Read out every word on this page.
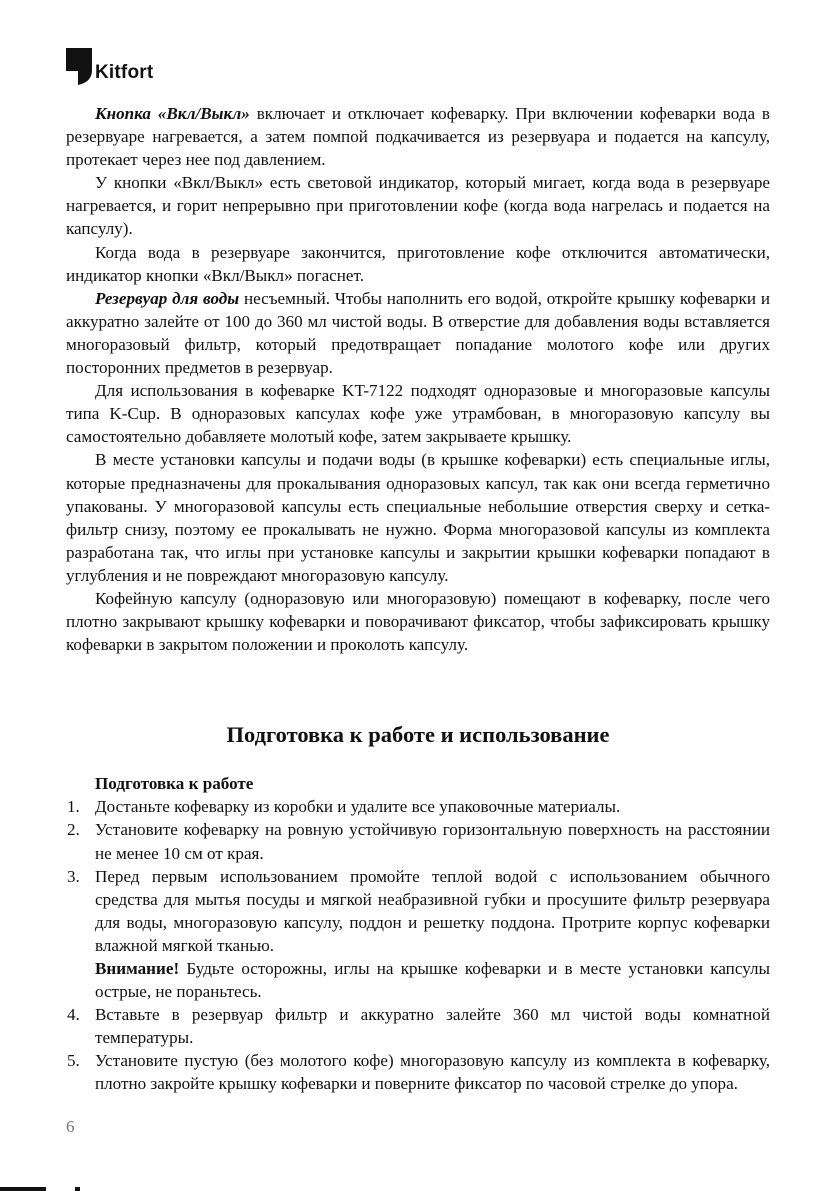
Kitfort

Кнопка «Вкл/Выкл» включает и отключает кофеварку. При включении кофеварки вода в резервуаре нагревается, а затем помпой подкачивается из резервуара и подается на капсулу, протекает через нее под давлением.

У кнопки «Вкл/Выкл» есть световой индикатор, который мигает, когда вода в резервуаре нагревается, и горит непрерывно при приготовлении кофе (когда вода нагрелась и подается на капсулу).

Когда вода в резервуаре закончится, приготовление кофе отключится автоматически, индикатор кнопки «Вкл/Выкл» погаснет.

Резервуар для воды несъемный. Чтобы наполнить его водой, откройте крышку кофеварки и аккуратно залейте от 100 до 360 мл чистой воды. В отверстие для добавления воды вставляется многоразовый фильтр, который предотвращает попадание молотого кофе или других посторонних предметов в резервуар.

Для использования в кофеварке KT-7122 подходят одноразовые и многоразовые капсулы типа K-Cup. В одноразовых капсулах кофе уже утрамбован, в многоразовую капсулу вы самостоятельно добавляете молотый кофе, затем закрываете крышку.

В месте установки капсулы и подачи воды (в крышке кофеварки) есть специальные иглы, которые предназначены для прокалывания одноразовых капсул, так как они всегда герметично упакованы. У многоразовой капсулы есть специальные небольшие отверстия сверху и сетка-фильтр снизу, поэтому ее прокалывать не нужно. Форма многоразовой капсулы из комплекта разработана так, что иглы при установке капсулы и закрытии крышки кофеварки попадают в углубления и не повреждают многоразовую капсулу.

Кофейную капсулу (одноразовую или многоразовую) помещают в кофеварку, после чего плотно закрывают крышку кофеварки и поворачивают фиксатор, чтобы зафиксировать крышку кофеварки в закрытом положении и проколоть капсулу.

Подготовка к работе и использование
Подготовка к работе
1. Достаньте кофеварку из коробки и удалите все упаковочные материалы.
2. Установите кофеварку на ровную устойчивую горизонтальную поверхность на расстоянии не менее 10 см от края.
3. Перед первым использованием промойте теплой водой с использованием обычного средства для мытья посуды и мягкой неабразивной губки и просушите фильтр резервуара для воды, многоразовую капсулу, поддон и решетку поддона. Протрите корпус кофеварки влажной мягкой тканью.
Внимание! Будьте осторожны, иглы на крышке кофеварки и в месте установки капсулы острые, не пораньтесь.
4. Вставьте в резервуар фильтр и аккуратно залейте 360 мл чистой воды комнатной температуры.
5. Установите пустую (без молотого кофе) многоразовую капсулу из комплекта в кофеварку, плотно закройте крышку кофеварки и поверните фиксатор по часовой стрелке до упора.
6
